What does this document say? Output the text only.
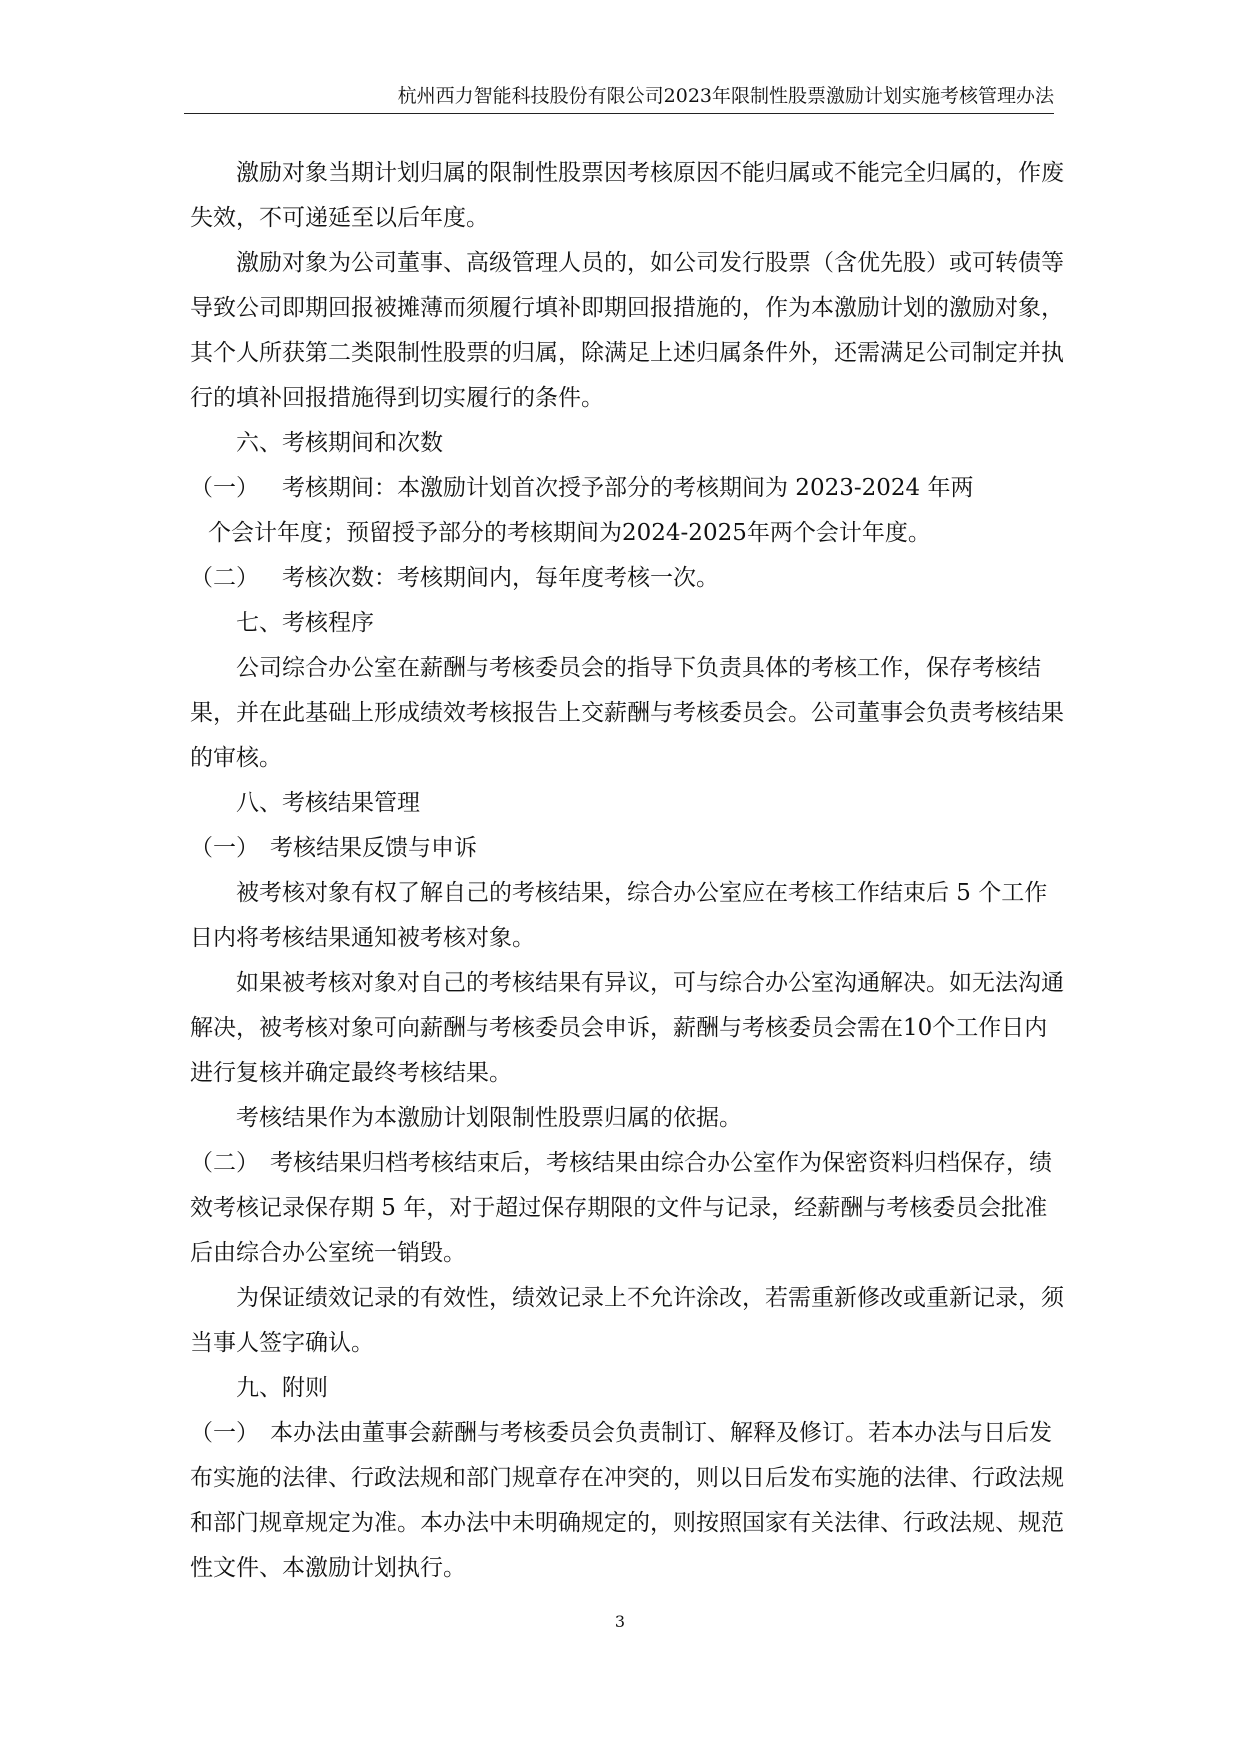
杭州西力智能科技股份有限公司2023年限制性股票激励计划实施考核管理办法

激励对象当期计划归属的限制性股票因考核原因不能归属或不能完全归属的，作废失效，不可递延至以后年度。

激励对象为公司董事、高级管理人员的，如公司发行股票（含优先股）或可转债等导致公司即期回报被摊薄而须履行填补即期回报措施的，作为本激励计划的激励对象，其个人所获第二类限制性股票的归属，除满足上述归属条件外，还需满足公司制定并执行的填补回报措施得到切实履行的条件。

六、考核期间和次数

（一） 考核期间：本激励计划首次授予部分的考核期间为 2023-2024 年两
个会计年度；预留授予部分的考核期间为2024-2025年两个会计年度。
（二） 考核次数：考核期间内，每年度考核一次。

七、考核程序

公司综合办公室在薪酬与考核委员会的指导下负责具体的考核工作，保存考核结果，并在此基础上形成绩效考核报告上交薪酬与考核委员会。公司董事会负责考核结果的审核。

八、考核结果管理

（一） 考核结果反馈与申诉

被考核对象有权了解自己的考核结果，综合办公室应在考核工作结束后 5 个工作日内将考核结果通知被考核对象。

如果被考核对象对自己的考核结果有异议，可与综合办公室沟通解决。如无法沟通解决，被考核对象可向薪酬与考核委员会申诉，薪酬与考核委员会需在10个工作日内进行复核并确定最终考核结果。

考核结果作为本激励计划限制性股票归属的依据。

（二） 考核结果归档考核结束后，考核结果由综合办公室作为保密资料归档保存，绩效考核记录保存期 5 年，对于超过保存期限的文件与记录，经薪酬与考核委员会批准后由综合办公室统一销毁。

为保证绩效记录的有效性，绩效记录上不允许涂改，若需重新修改或重新记录，须当事人签字确认。

九、附则

（一） 本办法由董事会薪酬与考核委员会负责制订、解释及修订。若本办法与日后发布实施的法律、行政法规和部门规章存在冲突的，则以日后发布实施的法律、行政法规和部门规章规定为准。本办法中未明确规定的，则按照国家有关法律、行政法规、规范性文件、本激励计划执行。

3
